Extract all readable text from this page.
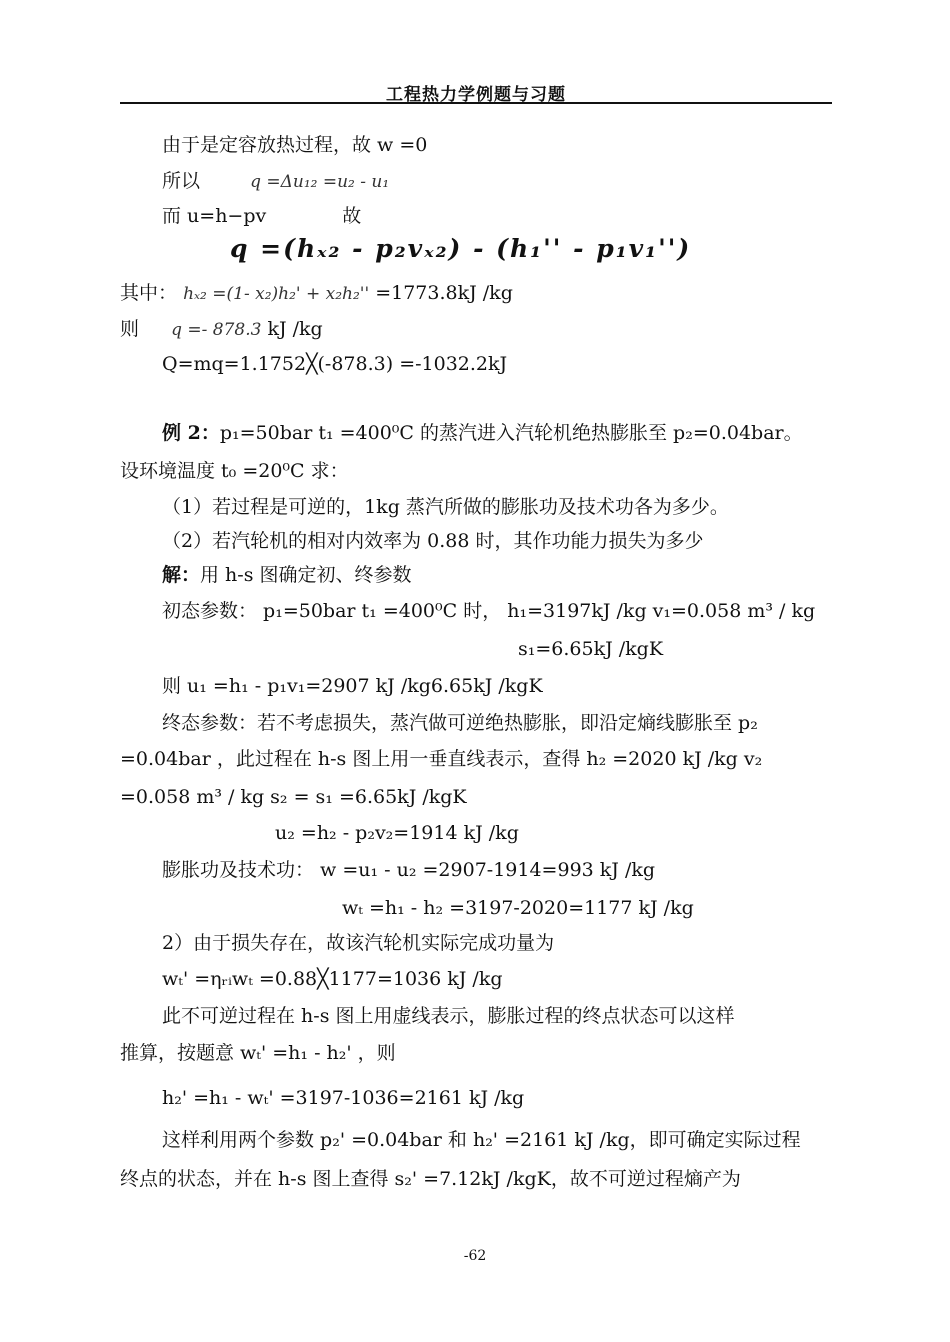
工程热力学例题与习题
由于是定容放热过程，故 w =0
所以	q =Δu₁₂ =u₂ - u₁
而 u=h−pv	故
q =(hₓ₂ - p₂vₓ₂) - (h₁'' - p₁v₁'')
其中： hₓ₂ =(1- x₂)h₂' + x₂h₂'' =1773.8kJ /kg
则 q =- 878.3 kJ /kg
Q=mq=1.1752╳(-878.3) =-1032.2kJ
例 2：p₁=50bar t₁ =400⁰C 的蒸汽进入汽轮机绝热膨胀至 p₂=0.04bar。
设环境温度 t₀ =20⁰C 求：
（1）若过程是可逆的，1kg 蒸汽所做的膨胀功及技术功各为多少。
（2）若汽轮机的相对内效率为 0.88 时，其作功能力损失为多少
解：用 h-s 图确定初、终参数
初态参数： p₁=50bar t₁ =400⁰C 时， h₁=3197kJ /kg v₁=0.058 m³ / kg
s₁=6.65kJ /kgK
则 u₁ =h₁ - p₁v₁=2907 kJ /kg6.65kJ /kgK
终态参数：若不考虑损失，蒸汽做可逆绝热膨胀，即沿定熵线膨胀至 p₂
=0.04bar ，此过程在 h-s 图上用一垂直线表示，查得 h₂ =2020 kJ /kg v₂
=0.058 m³ / kg s₂ = s₁ =6.65kJ /kgK
u₂ =h₂ - p₂v₂=1914 kJ /kg
膨胀功及技术功： w =u₁ - u₂ =2907-1914=993 kJ /kg
wₜ =h₁ - h₂ =3197-2020=1177 kJ /kg
2）由于损失存在，故该汽轮机实际完成功量为
wₜ' =ηᵣᵢwₜ =0.88╳1177=1036 kJ /kg
此不可逆过程在 h-s 图上用虚线表示，膨胀过程的终点状态可以这样
推算，按题意 wₜ' =h₁ - h₂' ，则
h₂' =h₁ - wₜ' =3197-1036=2161 kJ /kg
这样利用两个参数 p₂' =0.04bar 和 h₂' =2161 kJ /kg，即可确定实际过程
终点的状态，并在 h-s 图上查得 s₂' =7.12kJ /kgK，故不可逆过程熵产为
-62
